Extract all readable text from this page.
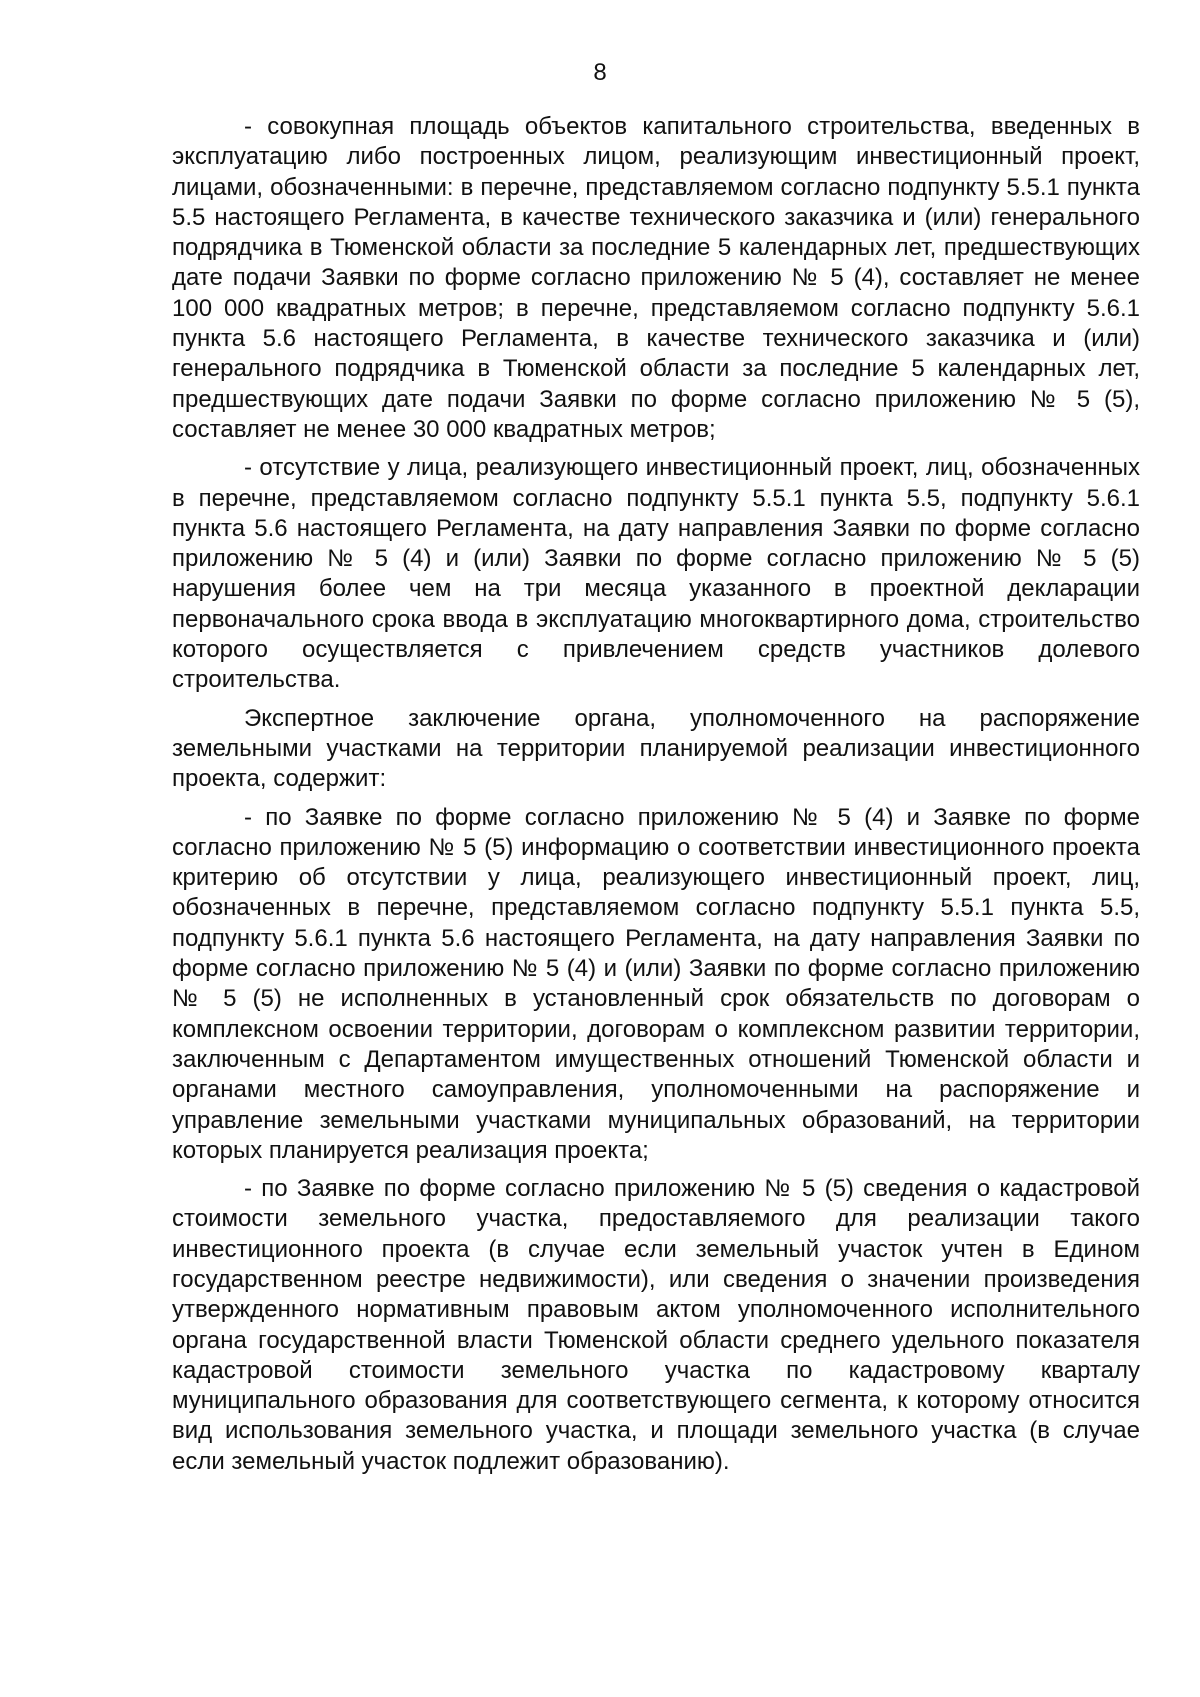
8

- совокупная площадь объектов капитального строительства, введенных в эксплуатацию либо построенных лицом, реализующим инвестиционный проект, лицами, обозначенными: в перечне, представляемом согласно подпункту 5.5.1 пункта 5.5 настоящего Регламента, в качестве технического заказчика и (или) генерального подрядчика в Тюменской области за последние 5 календарных лет, предшествующих дате подачи Заявки по форме согласно приложению № 5 (4), составляет не менее 100 000 квадратных метров; в перечне, представляемом согласно подпункту 5.6.1 пункта 5.6 настоящего Регламента, в качестве технического заказчика и (или) генерального подрядчика в Тюменской области за последние 5 календарных лет, предшествующих дате подачи Заявки по форме согласно приложению № 5 (5), составляет не менее 30 000 квадратных метров;

- отсутствие у лица, реализующего инвестиционный проект, лиц, обозначенных в перечне, представляемом согласно подпункту 5.5.1 пункта 5.5, подпункту 5.6.1 пункта 5.6 настоящего Регламента, на дату направления Заявки по форме согласно приложению № 5 (4) и (или) Заявки по форме согласно приложению № 5 (5) нарушения более чем на три месяца указанного в проектной декларации первоначального срока ввода в эксплуатацию многоквартирного дома, строительство которого осуществляется с привлечением средств участников долевого строительства.

Экспертное заключение органа, уполномоченного на распоряжение земельными участками на территории планируемой реализации инвестиционного проекта, содержит:

- по Заявке по форме согласно приложению № 5 (4) и Заявке по форме согласно приложению № 5 (5) информацию о соответствии инвестиционного проекта критерию об отсутствии у лица, реализующего инвестиционный проект, лиц, обозначенных в перечне, представляемом согласно подпункту 5.5.1 пункта 5.5, подпункту 5.6.1 пункта 5.6 настоящего Регламента, на дату направления Заявки по форме согласно приложению № 5 (4) и (или) Заявки по форме согласно приложению № 5 (5) не исполненных в установленный срок обязательств по договорам о комплексном освоении территории, договорам о комплексном развитии территории, заключенным с Департаментом имущественных отношений Тюменской области и органами местного самоуправления, уполномоченными на распоряжение и управление земельными участками муниципальных образований, на территории которых планируется реализация проекта;

- по Заявке по форме согласно приложению № 5 (5) сведения о кадастровой стоимости земельного участка, предоставляемого для реализации такого инвестиционного проекта (в случае если земельный участок учтен в Едином государственном реестре недвижимости), или сведения о значении произведения утвержденного нормативным правовым актом уполномоченного исполнительного органа государственной власти Тюменской области среднего удельного показателя кадастровой стоимости земельного участка по кадастровому кварталу муниципального образования для соответствующего сегмента, к которому относится вид использования земельного участка, и площади земельного участка (в случае если земельный участок подлежит образованию).
